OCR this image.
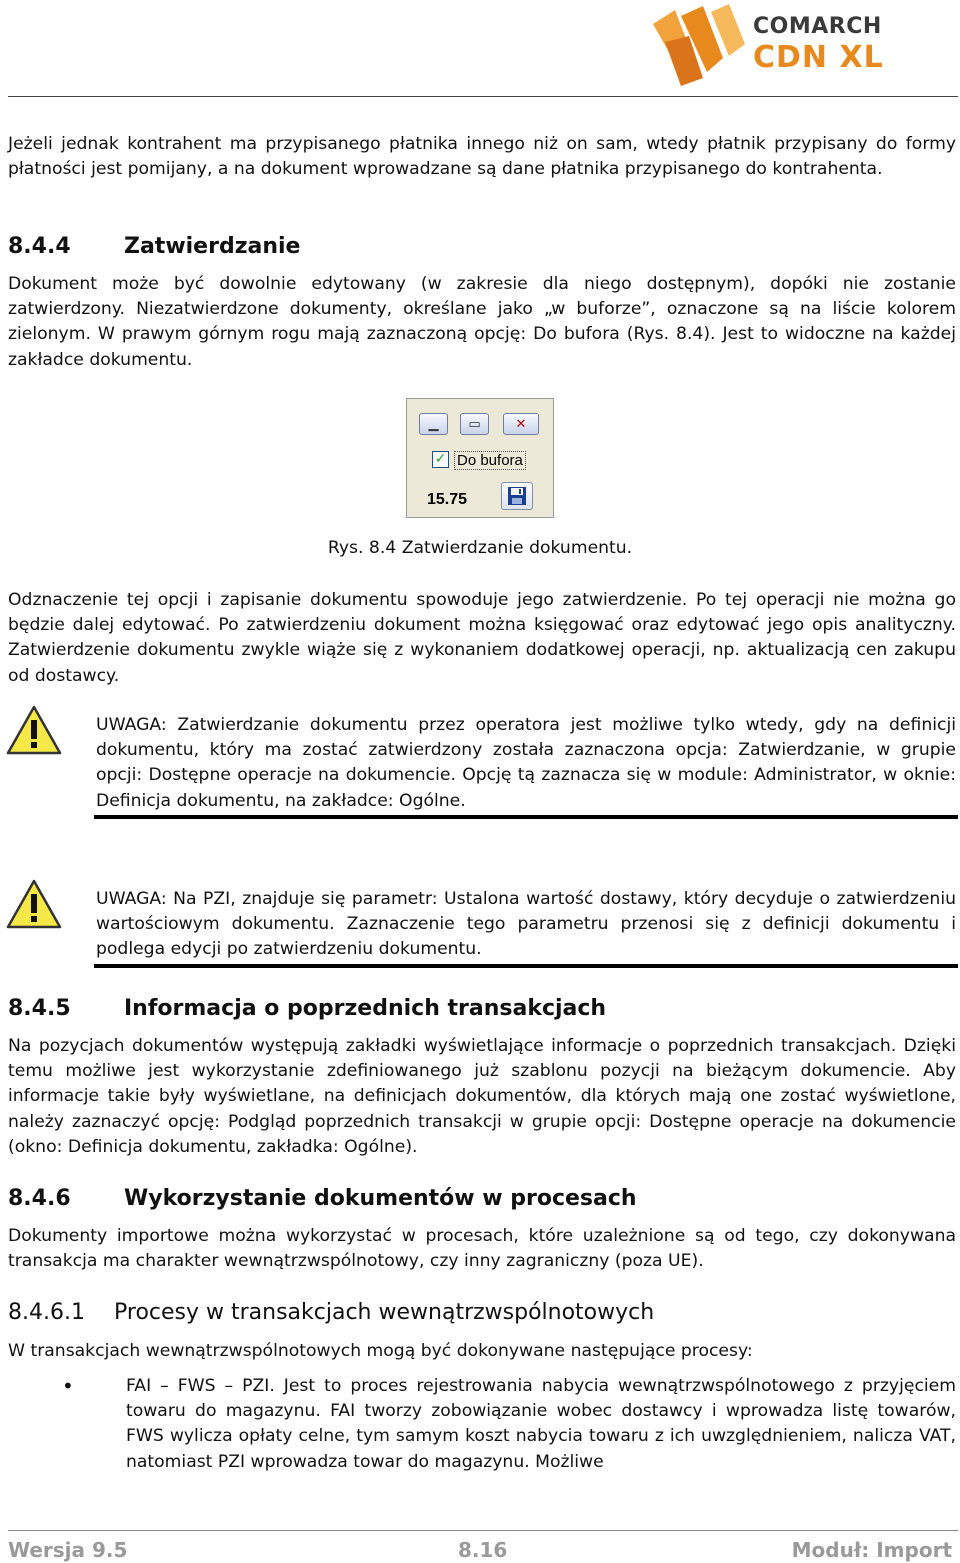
COMARCH
CDN XL

Jeżeli jednak kontrahent ma przypisanego płatnika innego niż on sam, wtedy płatnik przypisany do formy płatności jest pomijany, a na dokument wprowadzane są dane płatnika przypisanego do kontrahenta.

8.4.4 Zatwierdzanie

Dokument może być dowolnie edytowany (w zakresie dla niego dostępnym), dopóki nie zostanie zatwierdzony. Niezatwierdzone dokumenty, określane jako „w buforze”, oznaczone są na liście kolorem zielonym. W prawym górnym rogu mają zaznaczoną opcję: Do bufora (Rys. 8.4). Jest to widoczne na każdej zakładce dokumentu.

▁	▭	✕
✓ Do bufora
15.75
Rys. 8.4 Zatwierdzanie dokumentu.

Odznaczenie tej opcji i zapisanie dokumentu spowoduje jego zatwierdzenie. Po tej operacji nie można go będzie dalej edytować. Po zatwierdzeniu dokument można księgować oraz edytować jego opis analityczny. Zatwierdzenie dokumentu zwykle wiąże się z wykonaniem dodatkowej operacji, np. aktualizacją cen zakupu od dostawcy.

UWAGA: Zatwierdzanie dokumentu przez operatora jest możliwe tylko wtedy, gdy na definicji dokumentu, który ma zostać zatwierdzony została zaznaczona opcja: Zatwierdzanie, w grupie opcji: Dostępne operacje na dokumencie. Opcję tą zaznacza się w module: Administrator, w oknie: Definicja dokumentu, na zakładce: Ogólne.
UWAGA: Na PZI, znajduje się parametr: Ustalona wartość dostawy, który decyduje o zatwierdzeniu wartościowym dokumentu. Zaznaczenie tego parametru przenosi się z definicji dokumentu i podlega edycji po zatwierdzeniu dokumentu.
8.4.5 Informacja o poprzednich transakcjach

Na pozycjach dokumentów występują zakładki wyświetlające informacje o poprzednich transakcjach. Dzięki temu możliwe jest wykorzystanie zdefiniowanego już szablonu pozycji na bieżącym dokumencie. Aby informacje takie były wyświetlane, na definicjach dokumentów, dla których mają one zostać wyświetlone, należy zaznaczyć opcję: Podgląd poprzednich transakcji w grupie opcji: Dostępne operacje na dokumencie (okno: Definicja dokumentu, zakładka: Ogólne).

8.4.6 Wykorzystanie dokumentów w procesach

Dokumenty importowe można wykorzystać w procesach, które uzależnione są od tego, czy dokonywana transakcja ma charakter wewnątrzwspólnotowy, czy inny zagraniczny (poza UE).

8.4.6.1 Procesy w transakcjach wewnątrzwspólnotowych

W transakcjach wewnątrzwspólnotowych mogą być dokonywane następujące procesy:

•	FAI – FWS – PZI. Jest to proces rejestrowania nabycia wewnątrzwspólnotowego z przyjęciem towaru do magazynu. FAI tworzy zobowiązanie wobec dostawcy i wprowadza listę towarów, FWS wylicza opłaty celne, tym samym koszt nabycia towaru z ich uwzględnieniem, nalicza VAT, natomiast PZI wprowadza towar do magazynu. Możliwe

Wersja 9.5	8.16	Moduł: Import
